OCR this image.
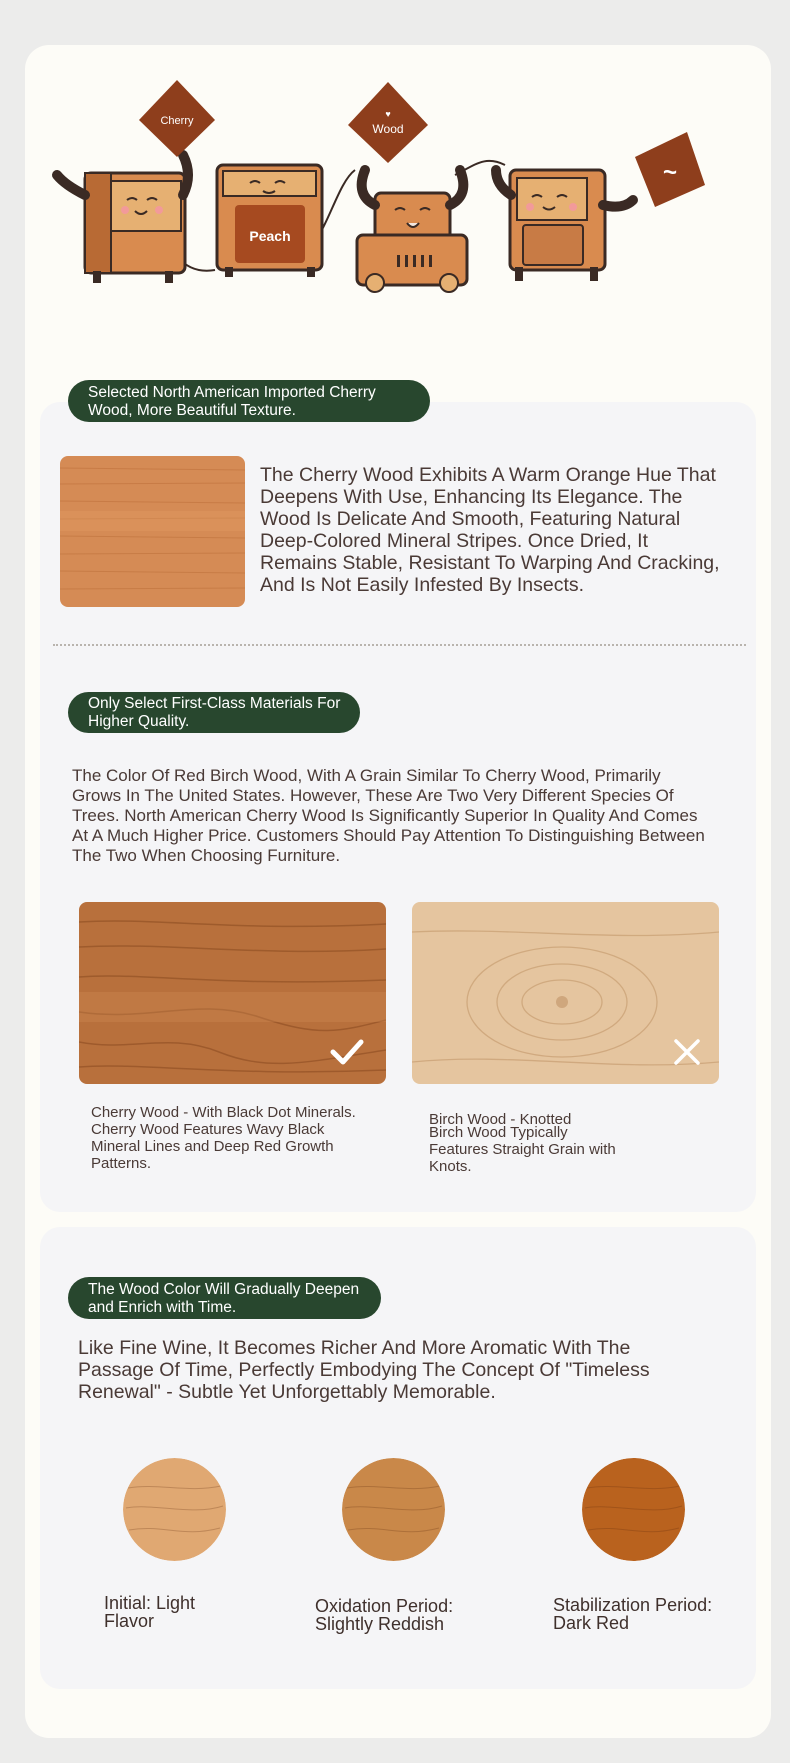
Cherry
Peach
♥
Wood
~
Selected North American Imported Cherry Wood, More Beautiful Texture.
The Cherry Wood Exhibits A Warm Orange Hue That Deepens With Use, Enhancing Its Elegance. The Wood Is Delicate And Smooth, Featuring Natural Deep-Colored Mineral Stripes. Once Dried, It Remains Stable, Resistant To Warping And Cracking, And Is Not Easily Infested By Insects.
Only Select First-Class Materials For Higher Quality.
The Color Of Red Birch Wood, With A Grain Similar To Cherry Wood, Primarily Grows In The United States. However, These Are Two Very Different Species Of Trees. North American Cherry Wood Is Significantly Superior In Quality And Comes At A Much Higher Price. Customers Should Pay Attention To Distinguishing Between The Two When Choosing Furniture.
Cherry Wood - With Black Dot Minerals.
Cherry Wood Features Wavy Black Mineral Lines and Deep Red Growth Patterns.
Birch Wood - Knotted
Birch Wood Typically Features Straight Grain with Knots.
The Wood Color Will Gradually Deepen and Enrich with Time.
Like Fine Wine, It Becomes Richer And More Aromatic With The Passage Of Time, Perfectly Embodying The Concept Of "Timeless Renewal" - Subtle Yet Unforgettably Memorable.
Initial: Light Flavor
Oxidation Period: Slightly Reddish
Stabilization Period: Dark Red
